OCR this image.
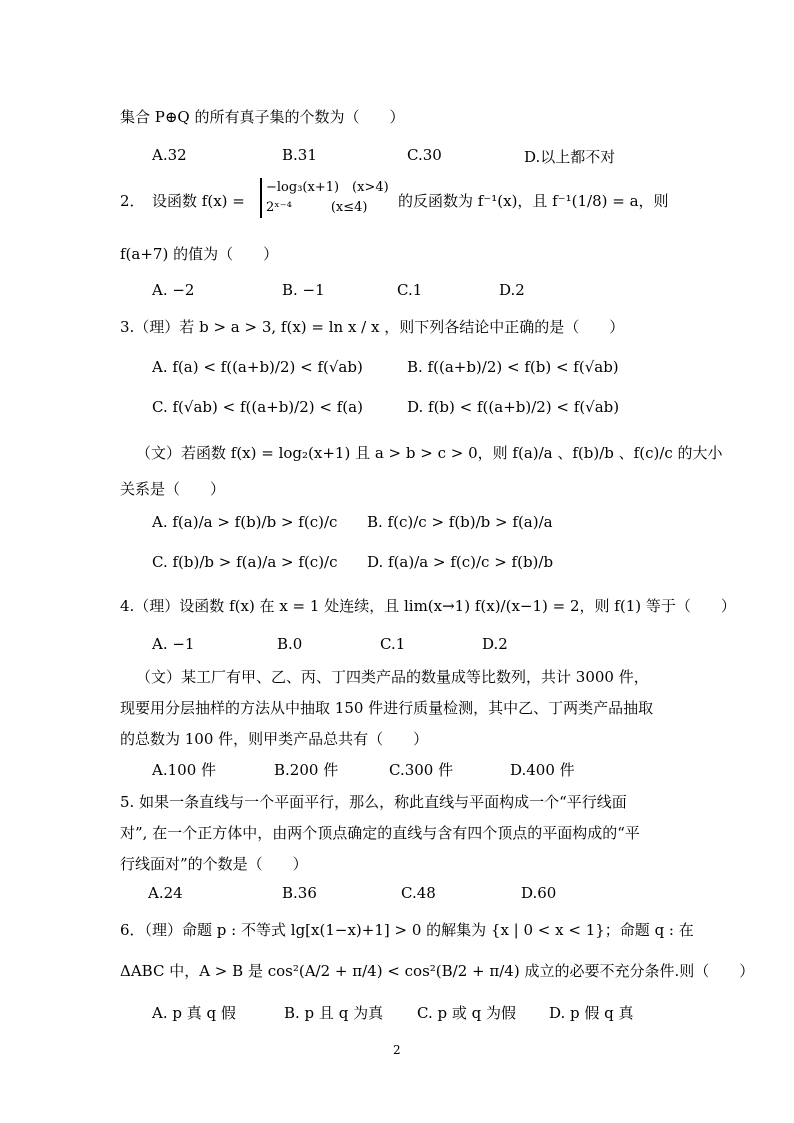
集合 P⊕Q 的所有真子集的个数为（　　）
A.32	B.31	C.30	D.以上都不对
2．　设函数 f(x) =
−log₃(x+1)　(x>4)
2ˣ⁻⁴　　　(x≤4)	的反函数为 f⁻¹(x)，且 f⁻¹(1/8) = a，则
f(a+7) 的值为（　　）
A. −2	B. −1	C.1	D.2
3.（理）若 b > a > 3, f(x) = ln x / x ，则下列各结论中正确的是（　　）
A. f(a) < f((a+b)/2) < f(√ab)	B. f((a+b)/2) < f(b) < f(√ab)
C. f(√ab) < f((a+b)/2) < f(a)	D. f(b) < f((a+b)/2) < f(√ab)
（文）若函数 f(x) = log₂(x+1) 且 a > b > c > 0，则 f(a)/a 、f(b)/b 、f(c)/c 的大小
关系是（　　）
A. f(a)/a > f(b)/b > f(c)/c B. f(c)/c > f(b)/b > f(a)/a
C. f(b)/b > f(a)/a > f(c)/c D. f(a)/a > f(c)/c > f(b)/b
4.（理）设函数 f(x) 在 x = 1 处连续，且 lim(x→1) f(x)/(x−1) = 2，则 f(1) 等于（　　）
A. −1	B.0	C.1	D.2
（文）某工厂有甲、乙、丙、丁四类产品的数量成等比数列，共计 3000 件，
现要用分层抽样的方法从中抽取 150 件进行质量检测，其中乙、丁两类产品抽取
的总数为 100 件，则甲类产品总共有（　　）
A.100 件	B.200 件	C.300 件	D.400 件
5. 如果一条直线与一个平面平行，那么，称此直线与平面构成一个“平行线面
对”, 在一个正方体中，由两个顶点确定的直线与含有四个顶点的平面构成的“平
行线面对”的个数是（　　）
A.24	B.36	C.48	D.60
6．（理）命题 p : 不等式 lg[x(1−x)+1] > 0 的解集为 {x | 0 < x < 1}；命题 q : 在
ΔABC 中，A > B 是 cos²(A/2 + π/4) < cos²(B/2 + π/4) 成立的必要不充分条件.则（　　）
A. p 真 q 假	B. p 且 q 为真 C. p 或 q 为假 D. p 假 q 真
2
